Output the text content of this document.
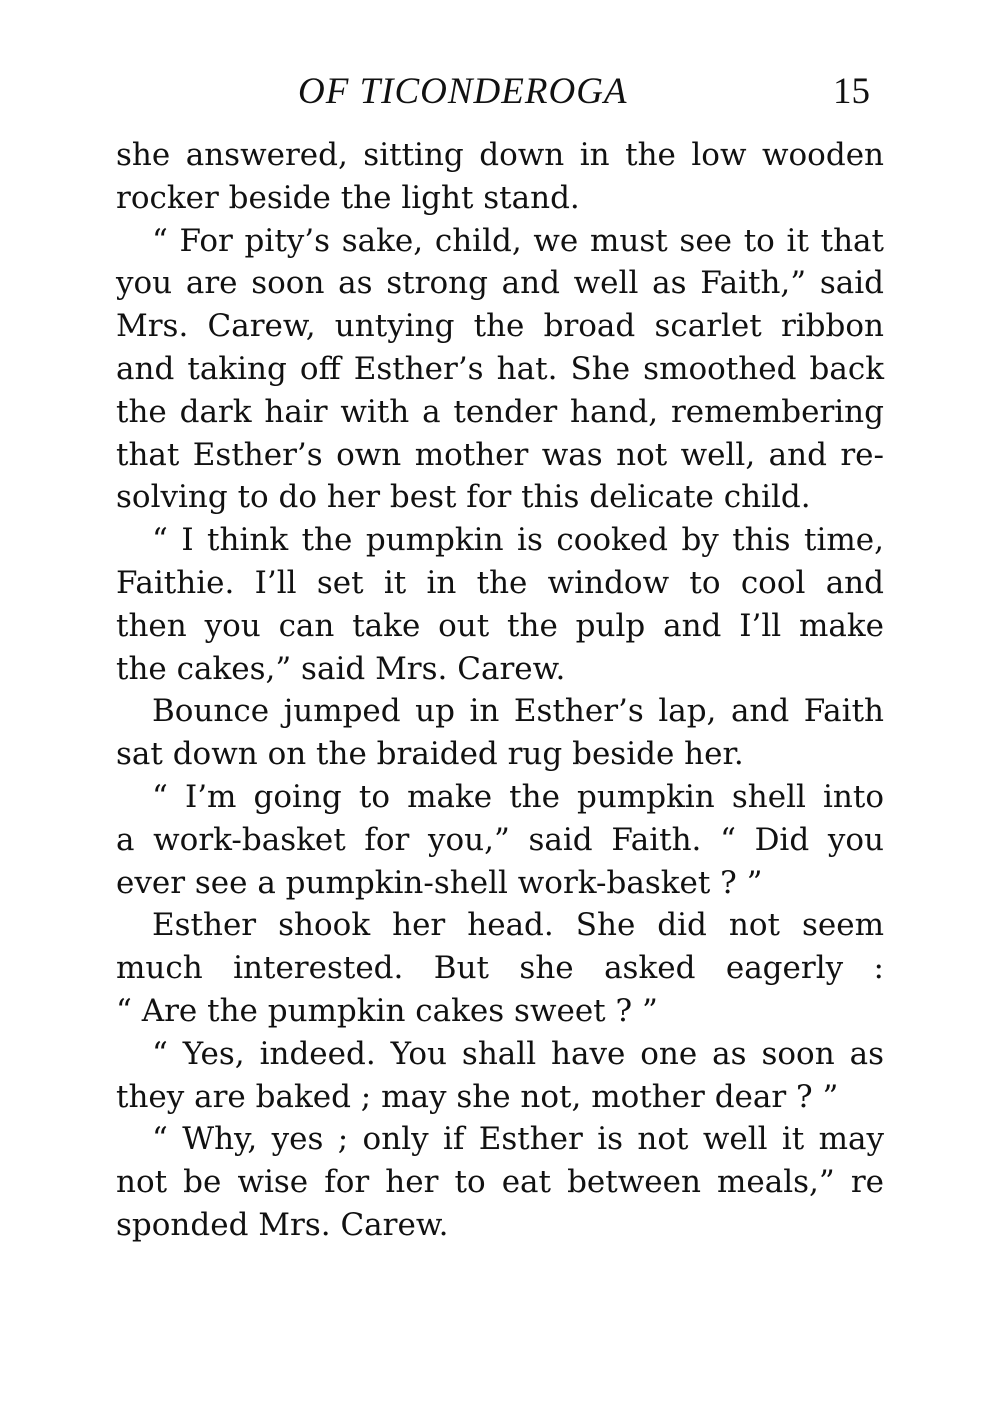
OF TICONDEROGA	15
she answered, sitting down in the low wooden
rocker beside the light stand.
“ For pity’s sake, child, we must see to it that
you are soon as strong and well as Faith,” said
Mrs. Carew, untying the broad scarlet ribbon
and taking off Esther’s hat. She smoothed back
the dark hair with a tender hand, remembering
that Esther’s own mother was not well, and re-
solving to do her best for this delicate child.
“ I think the pumpkin is cooked by this time,
Faithie. I’ll set it in the window to cool and
then you can take out the pulp and I’ll make
the cakes,” said Mrs. Carew.
Bounce jumped up in Esther’s lap, and Faith
sat down on the braided rug beside her.
“ I’m going to make the pumpkin shell into
a work-basket for you,” said Faith. “ Did you
ever see a pumpkin-shell work-basket ? ”
Esther shook her head. She did not seem
much interested. But she asked eagerly :
“ Are the pumpkin cakes sweet ? ”
“ Yes, indeed. You shall have one as soon as
they are baked ; may she not, mother dear ? ”
“ Why, yes ; only if Esther is not well it may
not be wise for her to eat between meals,” re
sponded Mrs. Carew.
